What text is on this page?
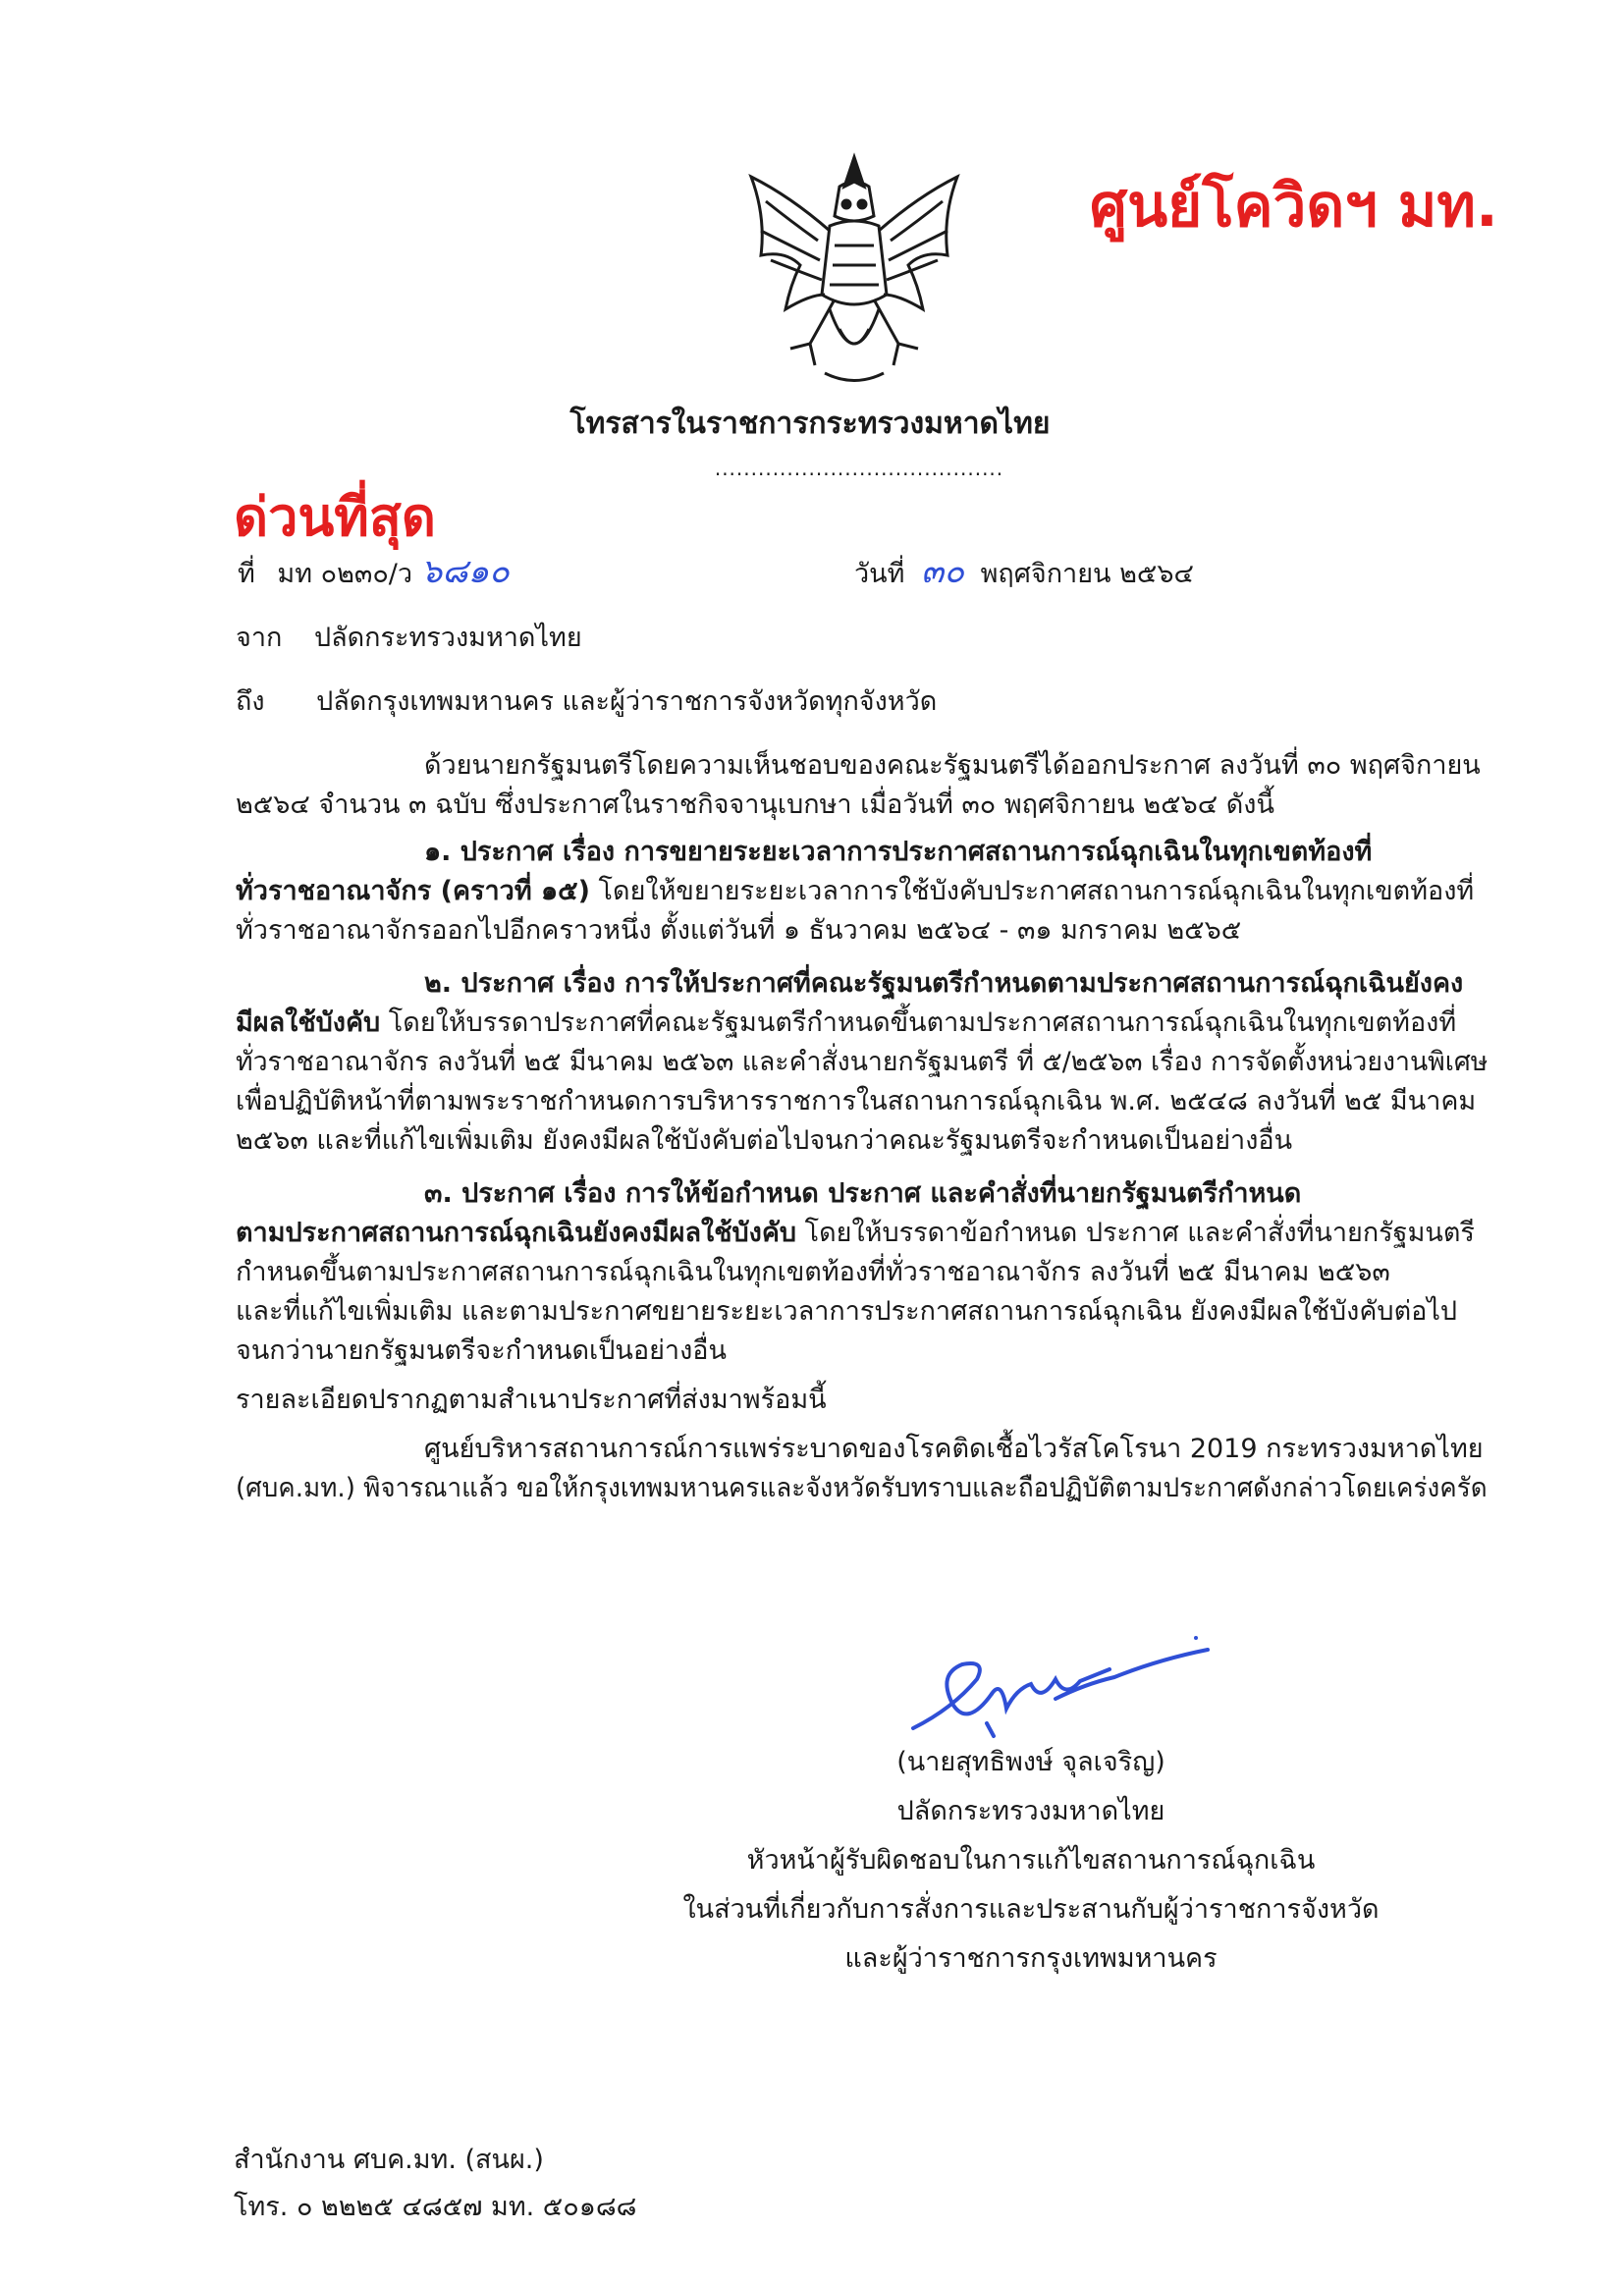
ศูนย์โควิดฯ มท.
โทรสารในราชการกระทรวงมหาดไทย
........................................
ด่วนที่สุด
ที่ มท ๐๒๓๐/ว ๖๘๑๐	วันที่ ๓๐ พฤศจิกายน ๒๕๖๔
จาก ปลัดกระทรวงมหาดไทย
ถึง ปลัดกรุงเทพมหานคร และผู้ว่าราชการจังหวัดทุกจังหวัด
ด้วยนายกรัฐมนตรีโดยความเห็นชอบของคณะรัฐมนตรีได้ออกประกาศ ลงวันที่ ๓๐ พฤศจิกายน
๒๕๖๔ จำนวน ๓ ฉบับ ซึ่งประกาศในราชกิจจานุเบกษา เมื่อวันที่ ๓๐ พฤศจิกายน ๒๕๖๔ ดังนี้
๑. ประกาศ เรื่อง การขยายระยะเวลาการประกาศสถานการณ์ฉุกเฉินในทุกเขตท้องที่
ทั่วราชอาณาจักร (คราวที่ ๑๕) โดยให้ขยายระยะเวลาการใช้บังคับประกาศสถานการณ์ฉุกเฉินในทุกเขตท้องที่
ทั่วราชอาณาจักรออกไปอีกคราวหนึ่ง ตั้งแต่วันที่ ๑ ธันวาคม ๒๕๖๔ - ๓๑ มกราคม ๒๕๖๕
๒. ประกาศ เรื่อง การให้ประกาศที่คณะรัฐมนตรีกำหนดตามประกาศสถานการณ์ฉุกเฉินยังคง
มีผลใช้บังคับ โดยให้บรรดาประกาศที่คณะรัฐมนตรีกำหนดขึ้นตามประกาศสถานการณ์ฉุกเฉินในทุกเขตท้องที่
ทั่วราชอาณาจักร ลงวันที่ ๒๕ มีนาคม ๒๕๖๓ และคำสั่งนายกรัฐมนตรี ที่ ๕/๒๕๖๓ เรื่อง การจัดตั้งหน่วยงานพิเศษ
เพื่อปฏิบัติหน้าที่ตามพระราชกำหนดการบริหารราชการในสถานการณ์ฉุกเฉิน พ.ศ. ๒๕๔๘ ลงวันที่ ๒๕ มีนาคม
๒๕๖๓ และที่แก้ไขเพิ่มเติม ยังคงมีผลใช้บังคับต่อไปจนกว่าคณะรัฐมนตรีจะกำหนดเป็นอย่างอื่น
๓. ประกาศ เรื่อง การให้ข้อกำหนด ประกาศ และคำสั่งที่นายกรัฐมนตรีกำหนด
ตามประกาศสถานการณ์ฉุกเฉินยังคงมีผลใช้บังคับ โดยให้บรรดาข้อกำหนด ประกาศ และคำสั่งที่นายกรัฐมนตรี
กำหนดขึ้นตามประกาศสถานการณ์ฉุกเฉินในทุกเขตท้องที่ทั่วราชอาณาจักร ลงวันที่ ๒๕ มีนาคม ๒๕๖๓
และที่แก้ไขเพิ่มเติม และตามประกาศขยายระยะเวลาการประกาศสถานการณ์ฉุกเฉิน ยังคงมีผลใช้บังคับต่อไป
จนกว่านายกรัฐมนตรีจะกำหนดเป็นอย่างอื่น
รายละเอียดปรากฏตามสำเนาประกาศที่ส่งมาพร้อมนี้
ศูนย์บริหารสถานการณ์การแพร่ระบาดของโรคติดเชื้อไวรัสโคโรนา 2019 กระทรวงมหาดไทย
(ศบค.มท.) พิจารณาแล้ว ขอให้กรุงเทพมหานครและจังหวัดรับทราบและถือปฏิบัติตามประกาศดังกล่าวโดยเคร่งครัด
(นายสุทธิพงษ์ จุลเจริญ)
ปลัดกระทรวงมหาดไทย
หัวหน้าผู้รับผิดชอบในการแก้ไขสถานการณ์ฉุกเฉิน
ในส่วนที่เกี่ยวกับการสั่งการและประสานกับผู้ว่าราชการจังหวัด
และผู้ว่าราชการกรุงเทพมหานคร
สำนักงาน ศบค.มท. (สนผ.)
โทร. ๐ ๒๒๒๕ ๔๘๕๗ มท. ๕๐๑๘๘
